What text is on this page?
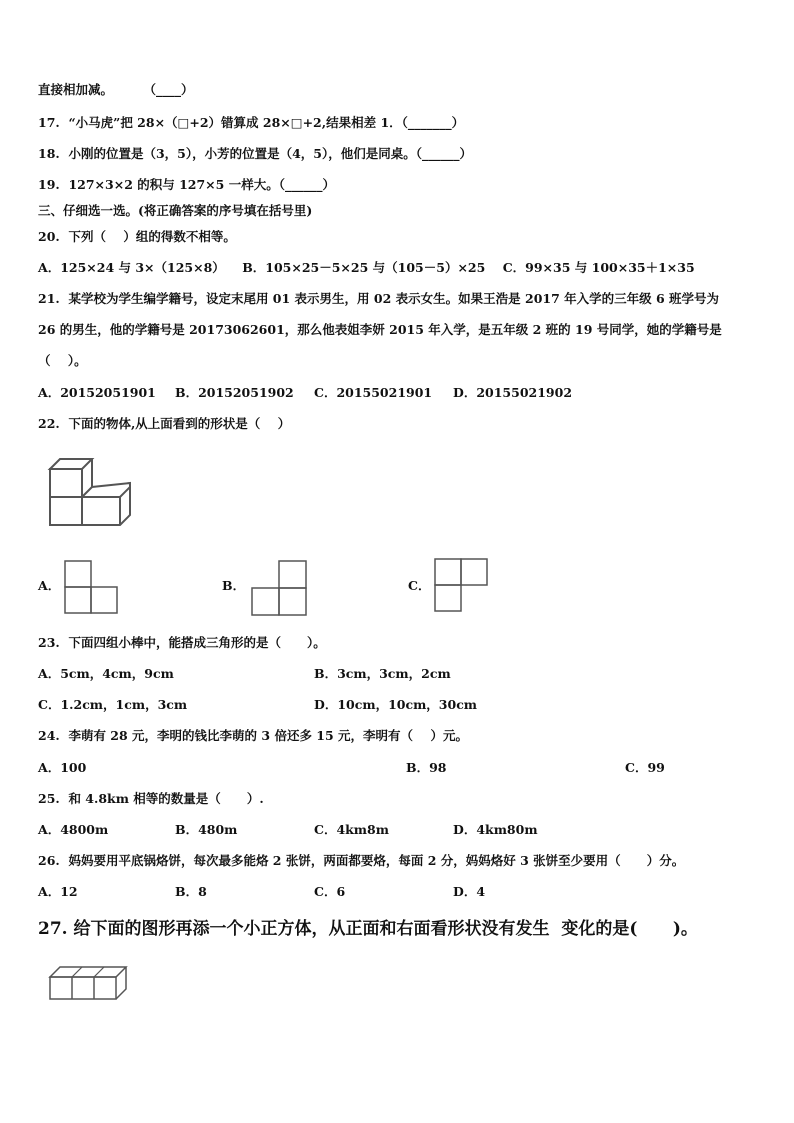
直接相加减。       （____）
17.  “小马虎”把 28×（□+2）错算成 28×□+2,结果相差 1．（_______）
18.  小刚的位置是（3，5），小芳的位置是（4，5），他们是同桌。（______）
19.  127×3×2 的积与 127×5 一样大。（______）
三、仔细选一选。(将正确答案的序号填在括号里)
20.  下列（    ）组的得数不相等。
A．125×24 与 3×（125×8）    B．105×25－5×25 与（105－5）×25    C．99×35 与 100×35＋1×35
21.  某学校为学生编学籍号，设定末尾用 01 表示男生，用 02 表示女生。如果王浩是 2017 年入学的三年级 6 班学号为
26 的男生，他的学籍号是 20173062601，那么他表姐李妍 2015 年入学，是五年级 2 班的 19 号同学，她的学籍号是
（    ）。
A．20152051901 B．20152051902 C．20155021901 D．20155021902
22.  下面的物体,从上面看到的形状是（    ）
A．	B．	C．
23.  下面四组小棒中，能搭成三角形的是（      ）。
A．5cm，4cm，9cm	B．3cm，3cm，2cm
C．1.2cm，1cm，3cm	D．10cm，10cm，30cm
24.  李萌有 28 元，李明的钱比李萌的 3 倍还多 15 元，李明有（    ）元。
A．100	B．98	C．99
25.  和 4.8km 相等的数量是（      ）.
A．4800m	B．480m	C．4km8m	D．4km80m
26.  妈妈要用平底锅烙饼，每次最多能烙 2 张饼，两面都要烙，每面 2 分，妈妈烙好 3 张饼至少要用（      ）分。
A．12	B．8	C．6	D．4
27. 给下面的图形再添一个小正方体，从正面和右面看形状没有发生  变化的是(      )。
